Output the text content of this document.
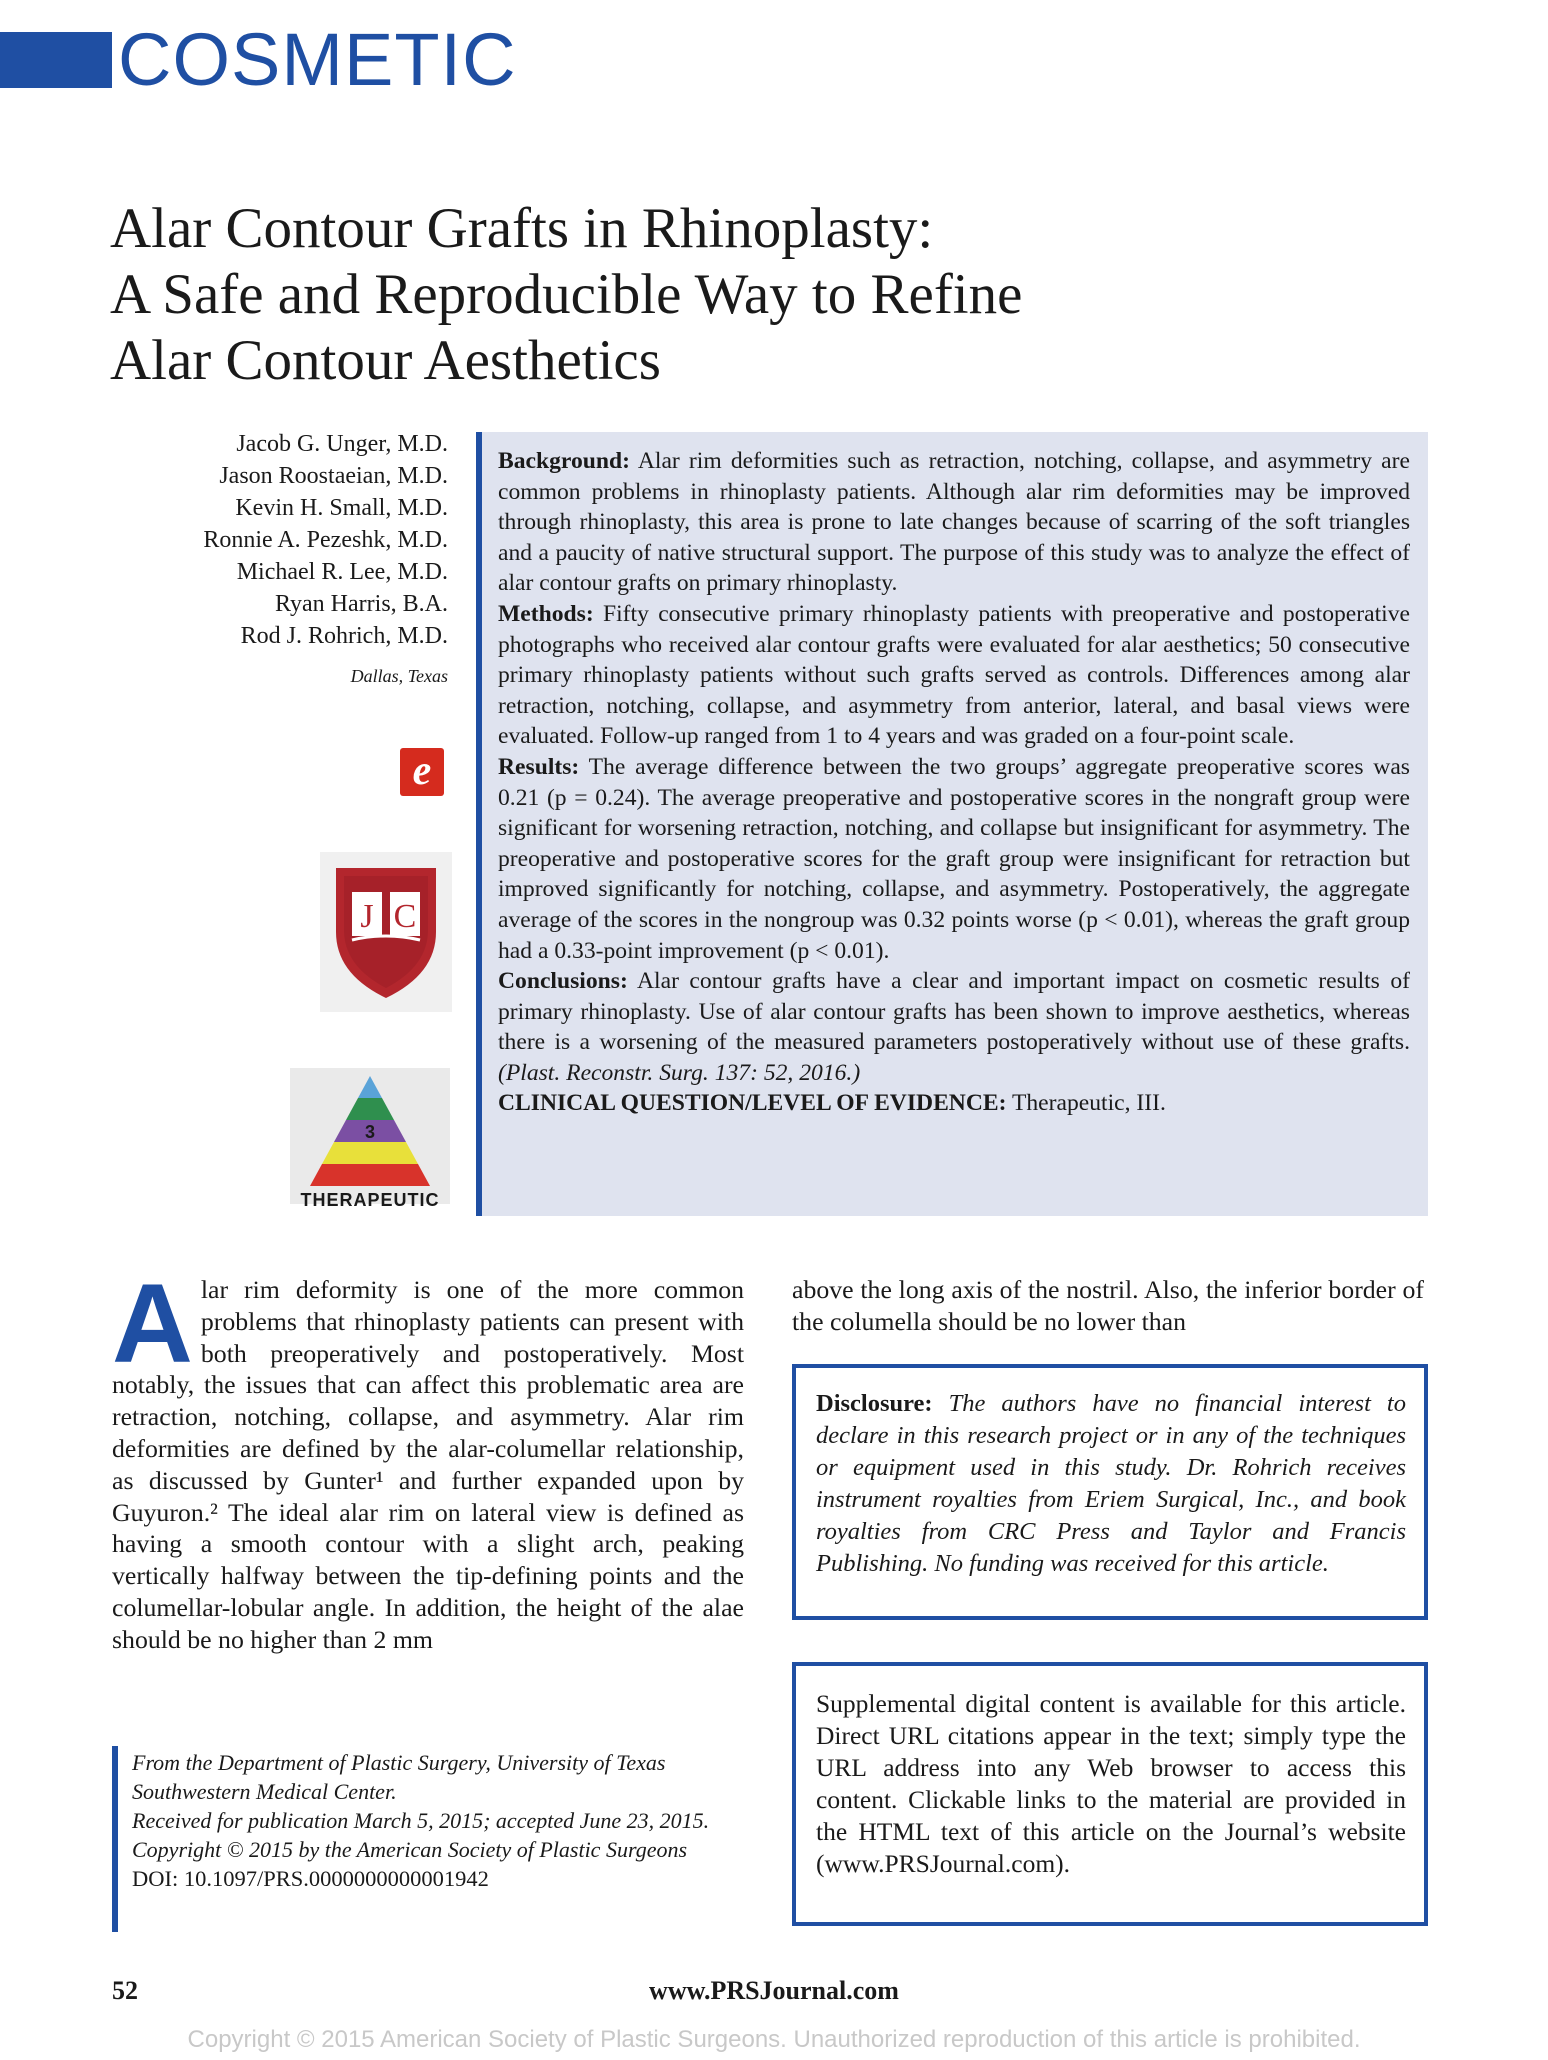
COSMETIC
Alar Contour Grafts in Rhinoplasty:
A Safe and Reproducible Way to Refine
Alar Contour Aesthetics
Jacob G. Unger, M.D.
Jason Roostaeian, M.D.
Kevin H. Small, M.D.
Ronnie A. Pezeshk, M.D.
Michael R. Lee, M.D.
Ryan Harris, B.A.
Rod J. Rohrich, M.D.
Dallas, Texas
e
J C
3
THERAPEUTIC

Background: Alar rim deformities such as retraction, notching, collapse, and asymmetry are common problems in rhinoplasty patients. Although alar rim deformities may be improved through rhinoplasty, this area is prone to late changes because of scarring of the soft triangles and a paucity of native structural support. The purpose of this study was to analyze the effect of alar contour grafts on primary rhinoplasty.

Methods: Fifty consecutive primary rhinoplasty patients with preoperative and postoperative photographs who received alar contour grafts were evaluated for alar aesthetics; 50 consecutive primary rhinoplasty patients without such grafts served as controls. Differences among alar retraction, notching, collapse, and asymmetry from anterior, lateral, and basal views were evaluated. Follow-up ranged from 1 to 4 years and was graded on a four-point scale.

Results: The average difference between the two groups’ aggregate preoperative scores was 0.21 (p = 0.24). The average preoperative and postoperative scores in the nongraft group were significant for worsening retraction, notching, and collapse but insignificant for asymmetry. The preoperative and postoperative scores for the graft group were insignificant for retraction but improved significantly for notching, collapse, and asymmetry. Postoperatively, the aggregate average of the scores in the nongroup was 0.32 points worse (p < 0.01), whereas the graft group had a 0.33-point improvement (p < 0.01).

Conclusions: Alar contour grafts have a clear and important impact on cosmetic results of primary rhinoplasty. Use of alar contour grafts has been shown to improve aesthetics, whereas there is a worsening of the measured parameters postoperatively without use of these grafts. (Plast. Reconstr. Surg. 137: 52, 2016.)

CLINICAL QUESTION/LEVEL OF EVIDENCE: Therapeutic, III.

Alar rim deformity is one of the more common problems that rhinoplasty patients can present with both preoperatively and postoperatively. Most notably, the issues that can affect this problematic area are retraction, notching, collapse, and asymmetry. Alar rim deformities are defined by the alar-columellar relationship, as discussed by Gunter¹ and further expanded upon by Guyuron.² The ideal alar rim on lateral view is defined as having a smooth contour with a slight arch, peaking vertically halfway between the tip-defining points and the columellar-lobular angle. In addition, the height of the alae should be no higher than 2 mm
above the long axis of the nostril. Also, the inferior border of the columella should be no lower than
Disclosure: The authors have no financial interest to declare in this research project or in any of the techniques or equipment used in this study. Dr. Rohrich receives instrument royalties from Eriem Surgical, Inc., and book royalties from CRC Press and Taylor and Francis Publishing. No funding was received for this article.
Supplemental digital content is available for this article. Direct URL citations appear in the text; simply type the URL address into any Web browser to access this content. Clickable links to the material are provided in the HTML text of this article on the Journal’s website (www.PRSJournal.com).

From the Department of Plastic Surgery, University of Texas Southwestern Medical Center.

Received for publication March 5, 2015; accepted June 23, 2015.

Copyright © 2015 by the American Society of Plastic Surgeons

DOI: 10.1097/PRS.0000000000001942

52	www.PRSJournal.com
Copyright © 2015 American Society of Plastic Surgeons. Unauthorized reproduction of this article is prohibited.
